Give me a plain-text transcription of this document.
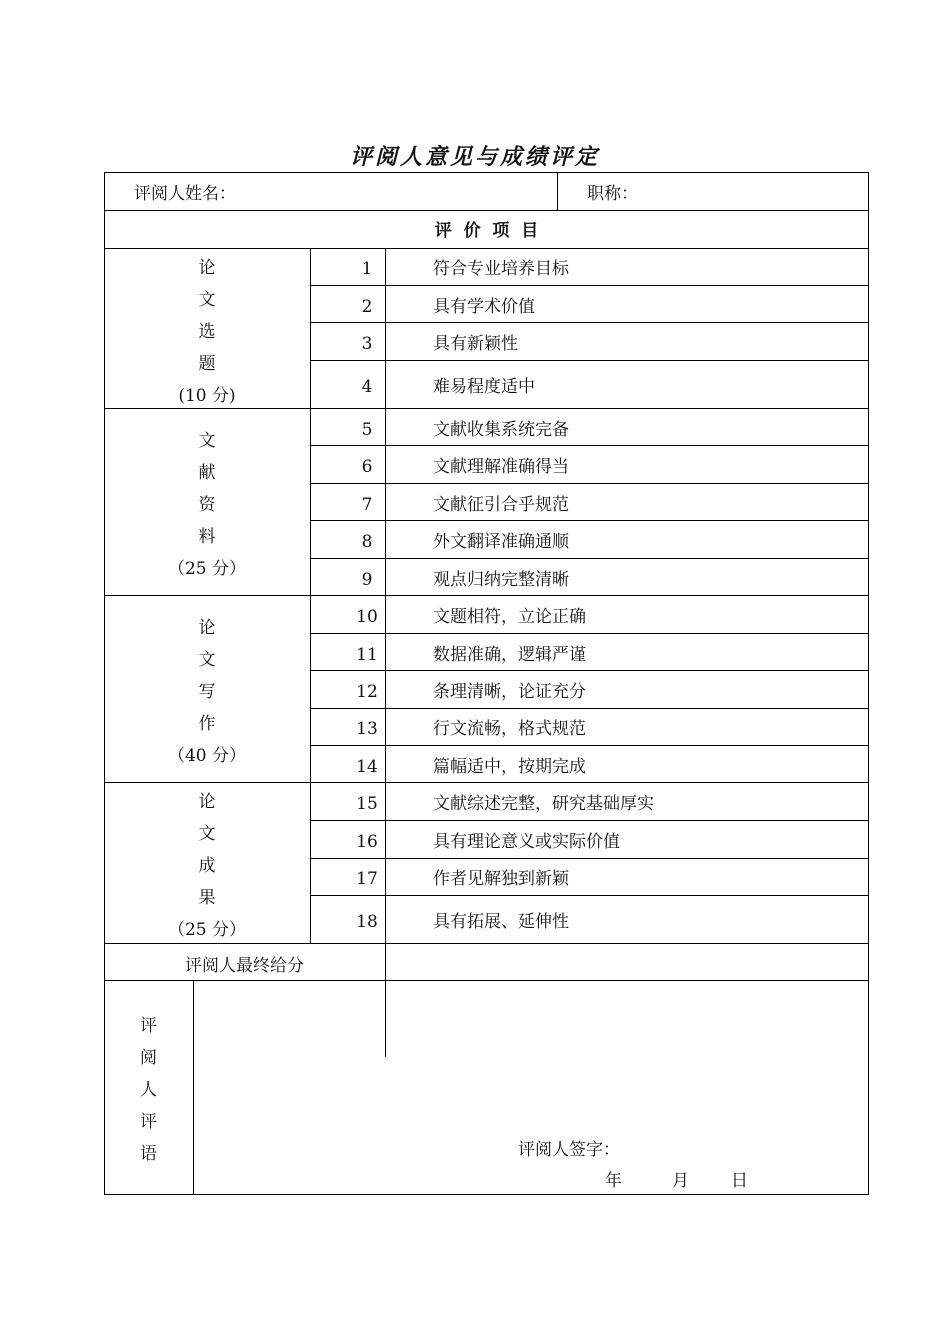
评阅人意见与成绩评定
评阅人姓名：	职称：
评  价  项  目
论
文
选
题
(10 分)
1	符合专业培养目标
2	具有学术价值
3	具有新颖性
4	难易程度适中
文
献
资
料
（25 分）
5	文献收集系统完备
6	文献理解准确得当
7	文献征引合乎规范
8	外文翻译准确通顺
9	观点归纳完整清晰
论
文
写
作
（40 分）
10	文题相符，立论正确
11	数据准确，逻辑严谨
12	条理清晰，论证充分
13	行文流畅，格式规范
14	篇幅适中，按期完成
论
文
成
果
（25 分）
15	文献综述完整，研究基础厚实
16	具有理论意义或实际价值
17	作者见解独到新颖
18	具有拓展、延伸性
评阅人最终给分
评
阅
人
评
语	评阅人签字：
年	月 日
